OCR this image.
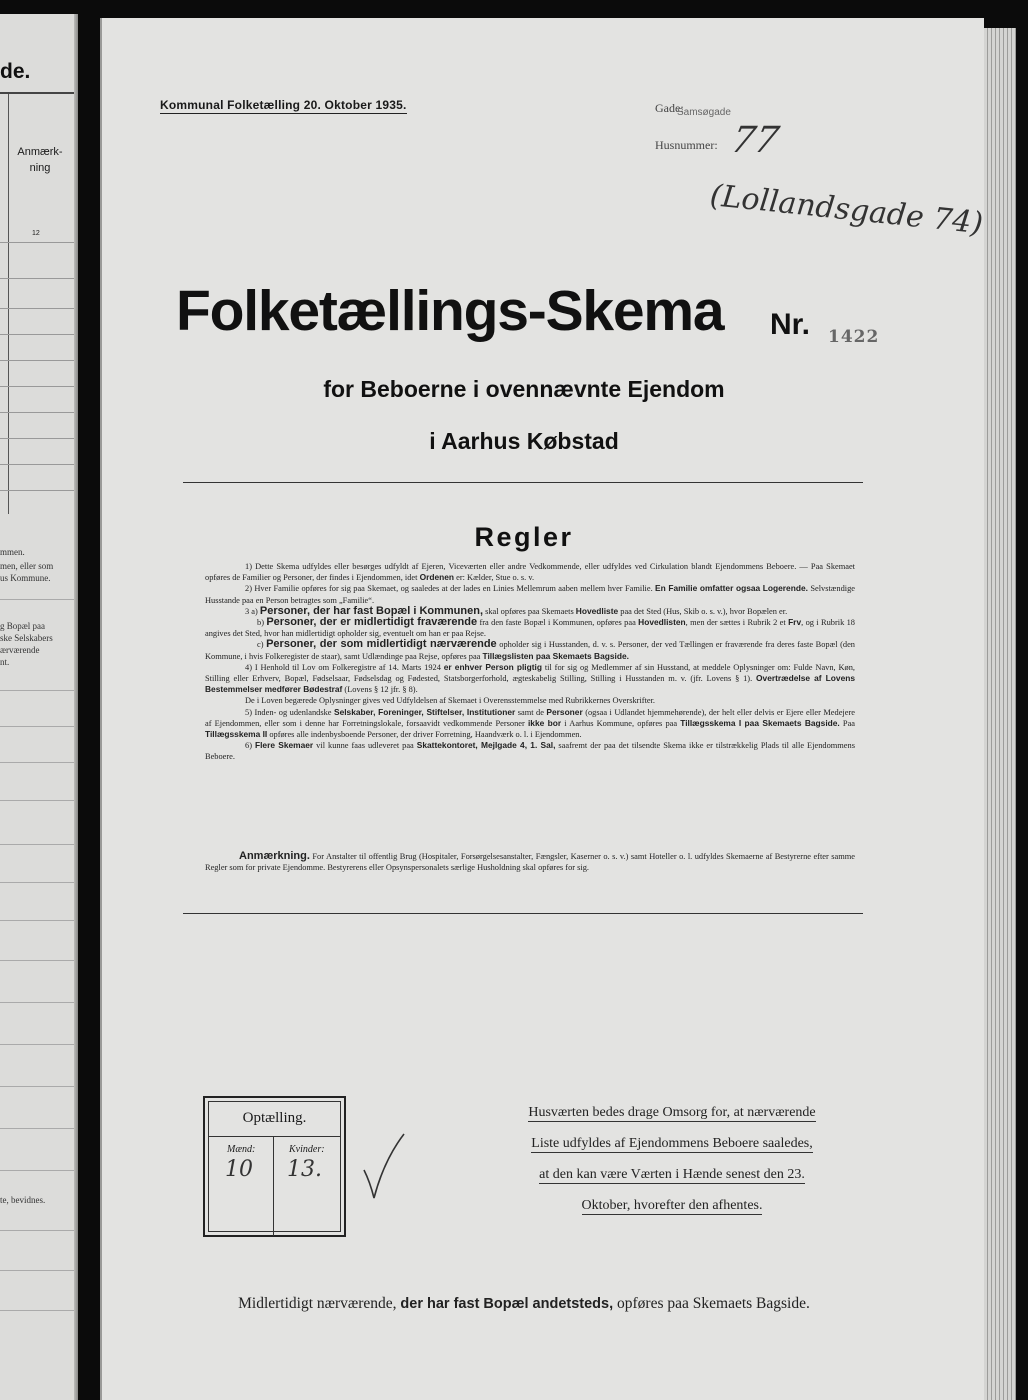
de.
Anmærk-
ning
12
mmen.
men, eller som
us Kommune.
g Bopæl paa
ske Selskabers
ærværende
nt.
te, bevidnes.
Kommunal Folketælling 20. Oktober 1935.	Gade:
Samsøgade
Husnummer: 77
(Lollandsgade 74)
Folketællings-Skema Nr. 1422
for Beboerne i ovennævnte Ejendom
i Aarhus Købstad
Regler

1) Dette Skema udfyldes eller besørges udfyldt af Ejeren, Viceværten eller andre Vedkommende, eller udfyldes ved Cirkulation blandt Ejendommens Beboere. — Paa Skemaet opføres de Familier og Personer, der findes i Ejendommen, idet Ordenen er: Kælder, Stue o. s. v.

2) Hver Familie opføres for sig paa Skemaet, og saaledes at der lades en Linies Mellemrum aaben mellem hver Familie. En Familie omfatter ogsaa Logerende. Selvstændige Husstande paa en Person betragtes som „Familie“.

3 a) Personer, der har fast Bopæl i Kommunen, skal opføres paa Skemaets Hovedliste paa det Sted (Hus, Skib o. s. v.), hvor Bopælen er.

b) Personer, der er midlertidigt fraværende fra den faste Bopæl i Kommunen, opføres paa Hovedlisten, men der sættes i Rubrik 2 et Frv, og i Rubrik 18 angives det Sted, hvor han midlertidigt opholder sig, eventuelt om han er paa Rejse.

c) Personer, der som midlertidigt nærværende opholder sig i Husstanden, d. v. s. Personer, der ved Tællingen er fraværende fra deres faste Bopæl (den Kommune, i hvis Folkeregister de staar), samt Udlændinge paa Rejse, opføres paa Tillægslisten paa Skemaets Bagside.

4) I Henhold til Lov om Folkeregistre af 14. Marts 1924 er enhver Person pligtig til for sig og Medlemmer af sin Husstand, at meddele Oplysninger om: Fulde Navn, Køn, Stilling eller Erhverv, Bopæl, Fødselsaar, Fødselsdag og Fødested, Statsborgerforhold, ægteskabelig Stilling, Stilling i Husstanden m. v. (jfr. Lovens § 1). Overtrædelse af Lovens Bestemmelser medfører Bødestraf (Lovens § 12 jfr. § 8).

De i Loven begærede Oplysninger gives ved Udfyldelsen af Skemaet i Overensstemmelse med Rubrikkernes Overskrifter.

5) Inden- og udenlandske Selskaber, Foreninger, Stiftelser, Institutioner samt de Personer (ogsaa i Udlandet hjemmehørende), der helt eller delvis er Ejere eller Medejere af Ejendommen, eller som i denne har Forretningslokale, forsaavidt vedkommende Personer ikke bor i Aarhus Kommune, opføres paa Tillægsskema I paa Skemaets Bagside. Paa Tillægsskema II opføres alle indenbysboende Personer, der driver Forretning, Haandværk o. l. i Ejendommen.

6) Flere Skemaer vil kunne faas udleveret paa Skattekontoret, Mejlgade 4, 1. Sal, saafremt der paa det tilsendte Skema ikke er tilstrækkelig Plads til alle Ejendommens Beboere.

Anmærkning. For Anstalter til offentlig Brug (Hospitaler, Forsørgelsesanstalter, Fængsler, Kaserner o. s. v.) samt Hoteller o. l. udfyldes Skemaerne af Bestyrerne efter samme Regler som for private Ejendomme. Bestyrerens eller Opsynspersonalets særlige Husholdning skal opføres for sig.
Optælling.
Mænd:	Kvinder:
10 13.
Husværten bedes drage Omsorg for, at nærværende
Liste udfyldes af Ejendommens Beboere saaledes,
at den kan være Værten i Hænde senest den 23.
Oktober, hvorefter den afhentes.
Midlertidigt nærværende, der har fast Bopæl andetsteds, opføres paa Skemaets Bagside.
